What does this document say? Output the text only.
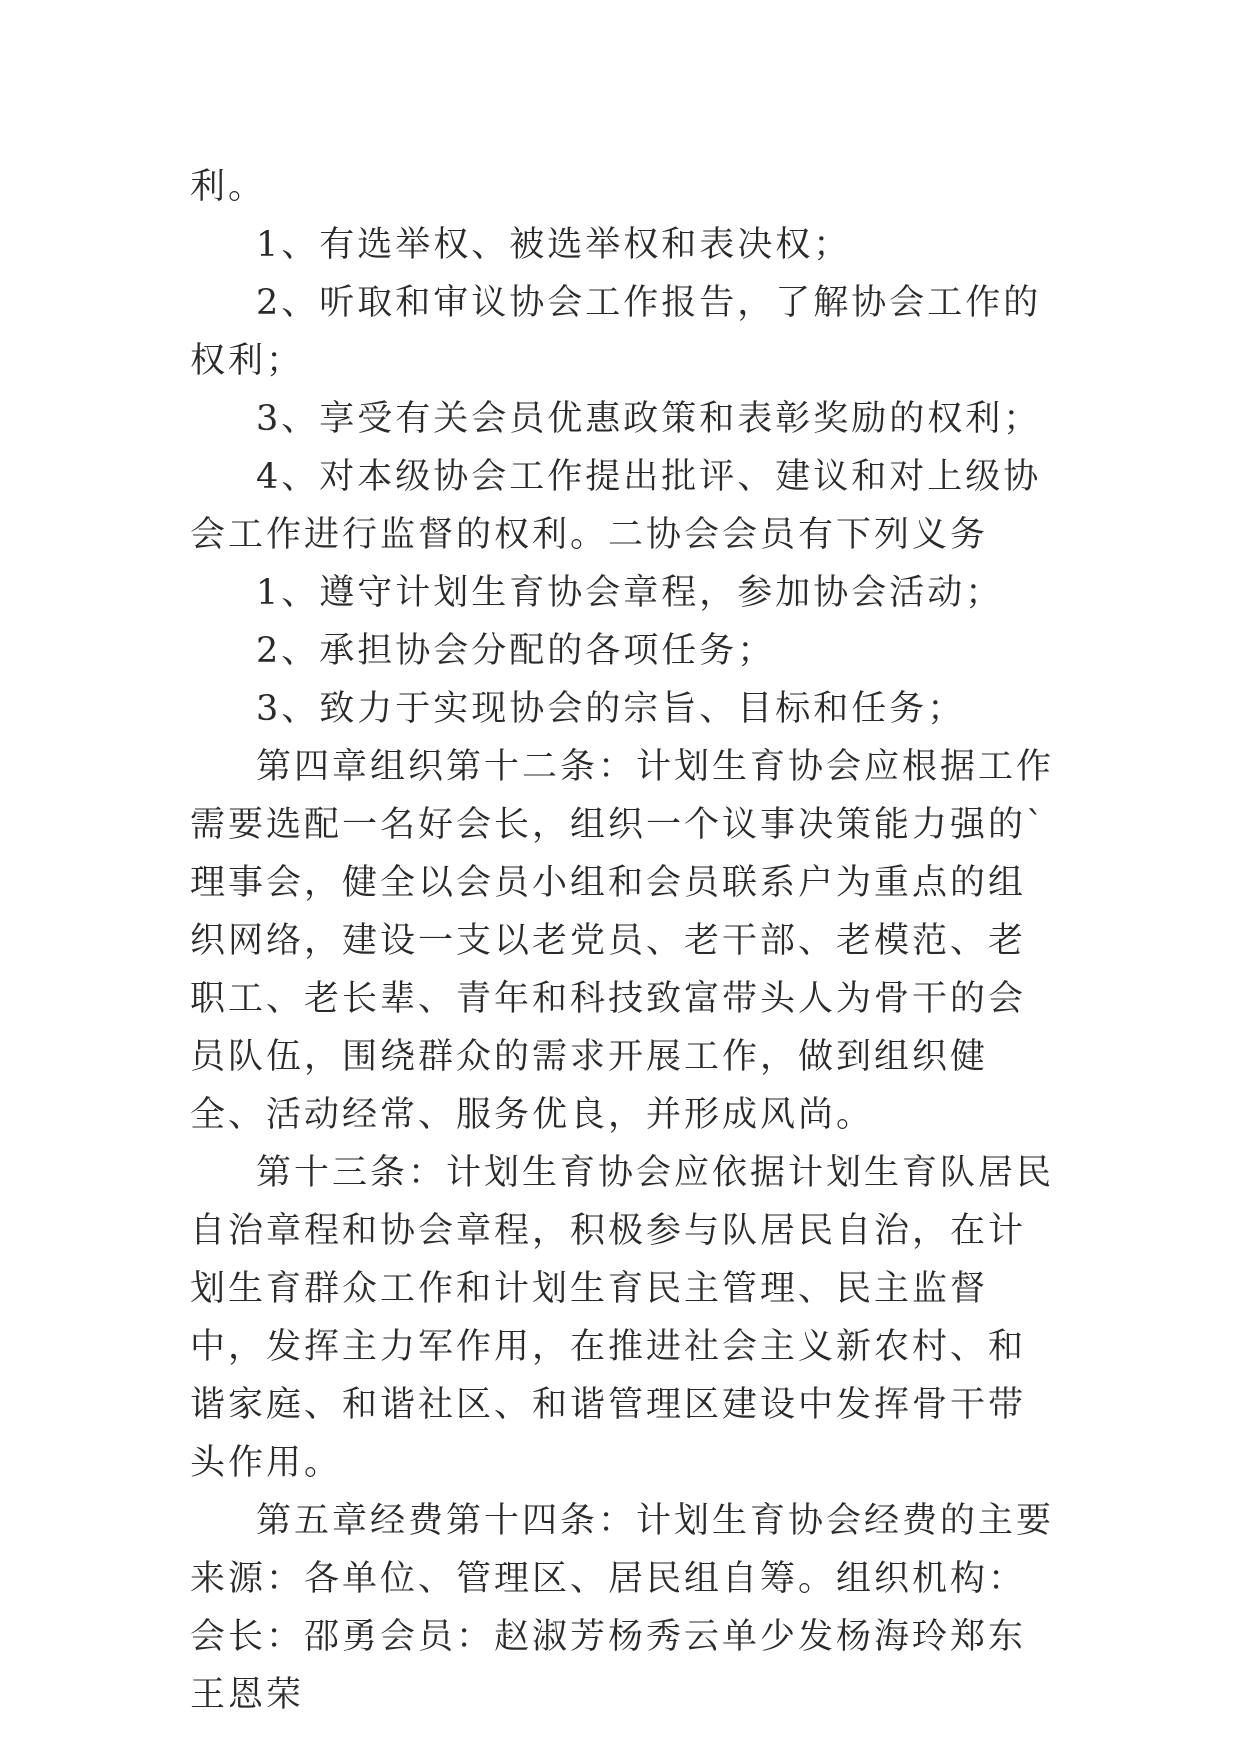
利。

1、有选举权、被选举权和表决权；

2、听取和审议协会工作报告，了解协会工作的权利；

3、享受有关会员优惠政策和表彰奖励的权利；

4、对本级协会工作提出批评、建议和对上级协会工作进行监督的权利。二协会会员有下列义务

1、遵守计划生育协会章程，参加协会活动；

2、承担协会分配的各项任务；

3、致力于实现协会的宗旨、目标和任务；

第四章组织第十二条：计划生育协会应根据工作需要选配一名好会长，组织一个议事决策能力强的`理事会，健全以会员小组和会员联系户为重点的组织网络，建设一支以老党员、老干部、老模范、老职工、老长辈、青年和科技致富带头人为骨干的会员队伍，围绕群众的需求开展工作，做到组织健全、活动经常、服务优良，并形成风尚。

第十三条：计划生育协会应依据计划生育队居民自治章程和协会章程，积极参与队居民自治，在计划生育群众工作和计划生育民主管理、民主监督中，发挥主力军作用，在推进社会主义新农村、和谐家庭、和谐社区、和谐管理区建设中发挥骨干带头作用。

第五章经费第十四条：计划生育协会经费的主要来源：各单位、管理区、居民组自筹。组织机构：会长：邵勇会员：赵淑芳杨秀云单少发杨海玲郑东王恩荣
